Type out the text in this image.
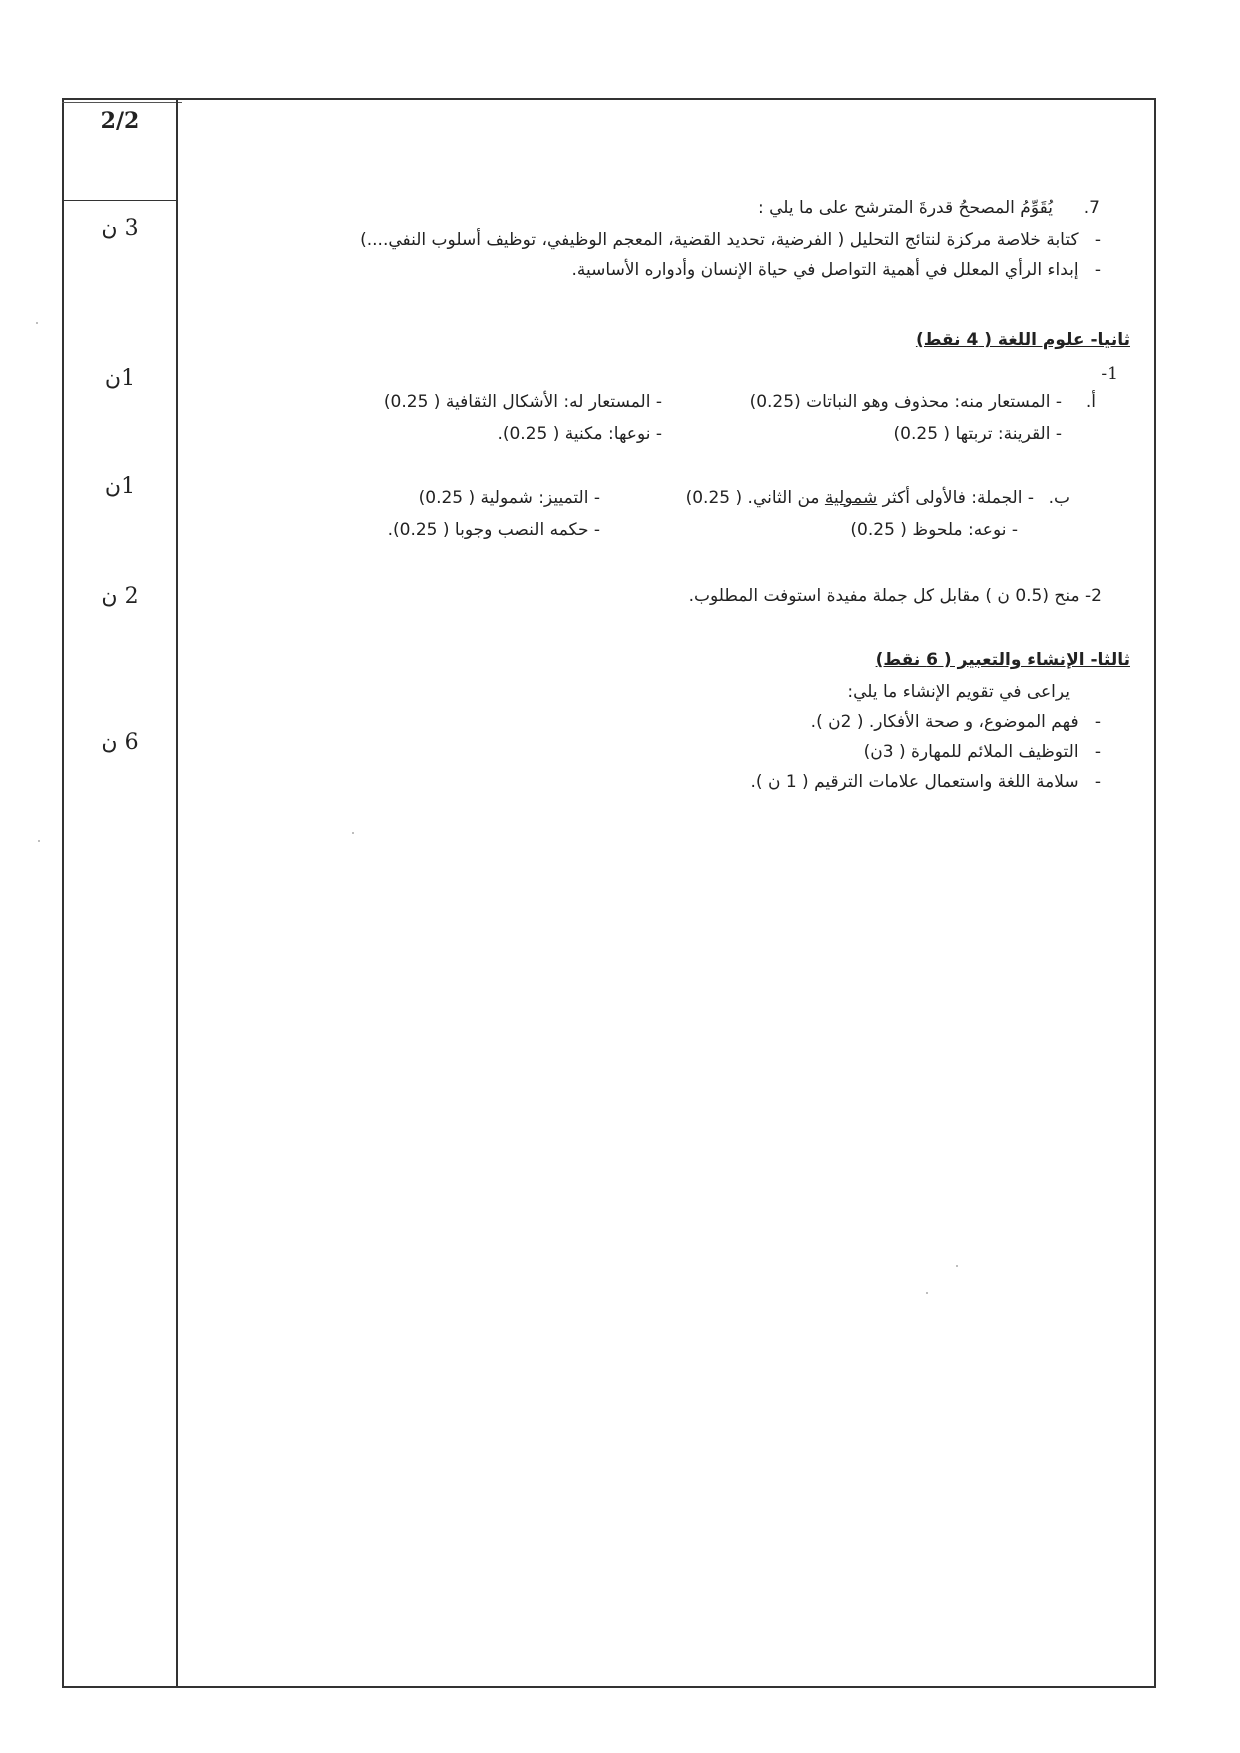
2/2
3 ن
1ن
1ن
2 ن
6 ن
7.  يُقَوِّمُ المصححُ قدرةَ المترشح على ما يلي :
- كتابة خلاصة مركزة لنتائج التحليل ( الفرضية، تحديد القضية، المعجم الوظيفي، توظيف أسلوب النفي....)
- إبداء الرأي المعلل في أهمية التواصل في حياة الإنسان وأدواره الأساسية.
ثانيا- علوم اللغة ( 4 نقط)
1-
أ.
- المستعار منه: محذوف وهو النباتات (0.25)
- المستعار له: الأشكال الثقافية ( 0.25)
- القرينة: تربتها ( 0.25)
- نوعها: مكنية ( 0.25).
ب.
- الجملة: فالأولى أكثر شمولية من الثاني. ( 0.25)
- التمييز: شمولية ( 0.25)
- نوعه: ملحوظ ( 0.25)
- حكمه النصب وجوبا ( 0.25).
2- منح (0.5 ن ) مقابل كل جملة مفيدة استوفت المطلوب.
ثالثا- الإنشاء والتعبير ( 6 نقط)
يراعى في تقويم الإنشاء ما يلي:
- فهم الموضوع، و صحة الأفكار. ( 2ن ).
- التوظيف الملائم للمهارة ( 3ن)
- سلامة اللغة واستعمال علامات الترقيم ( 1 ن ).
